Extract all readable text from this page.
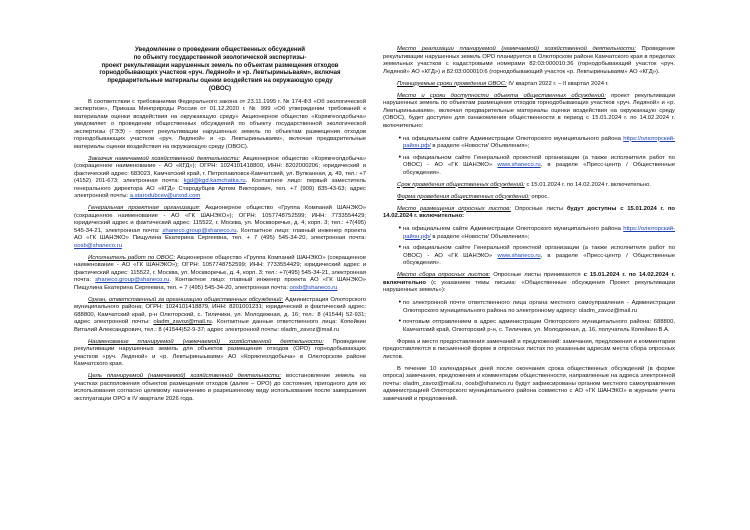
Уведомление о проведении общественных обсуждений
по объекту государственной экологической экспертизы-
проект рекультивации нарушенных земель по объектам размещения отходов
горнодобывающих участков «руч. Ледяной» и «р. Левтыриныьваям», включая
предварительные материалы оценки воздействия на окружающую среду
(ОВОС)

В соответствии с требованиями Федерального закона от 23.11.1995 г. № 174-ФЗ «Об экологической экспертизе», Приказа Минприроды России от 01.12.2020 г. № 999 «Об утверждении требований к материалам оценки воздействия на окружающую среду» Акционерное общество «Корякгеолдобыча» уведомляет о проведении общественных обсуждений по объекту государственной экологической экспертизы (ГЭЭ) - проект рекультивации нарушенных земель по объектам размещения отходов горнодобывающих участков «руч. Ледяной» и «р. Левтыриныьваям», включая предварительные материалы оценки воздействия на окружающую среду (ОВОС).

Заказчик намечаемой хозяйственной деятельности: Акционерное общество «Корякгеолдобыча» (сокращенное наименование - АО «КГД»); ОГРН: 1024101418800, ИНН: 8202000206; юридический и фактический адрес: 683023, Камчатский край, г. Петропавловск-Камчатский, ул. Вулканная, д. 49, тел.: +7 (4152) 201-673; электронная почта: kgd@kgd.kamchatka.ru. Контактное лицо: первый заместитель генерального директора АО «КГД» Стародубцев Артем Викторович, тел. +7 (909) 835-43-63; адрес электронной почты: a.starodubcev@ursod.com

Генеральная проектная организация: Акционерное общество «Группа Компаний ШАНЭКО» (сокращенное наименование - АО «ГК ШАНЭКО»); ОГРН: 1057748752599; ИНН: 7733554429; юридический адрес и фактический адрес: 115522, г. Москва, ул. Москворечье, д. 4, корп. 3; тел.: +7(495) 545-34-21, электронная почта: shaneco.group@shaneco.ru. Контактное лицо: главный инженер проекта АО «ГК ШАНЭКО» Пищулина Екатерина Сергеевна, тел. + 7 (495) 545-34-20, электронная почта: oosb@shaneco.ru

Исполнитель работ по ОВОС: Акционерное общество «Группа Компаний ШАНЭКО» (сокращенное наименование - АО «ГК ШАНЭКО»); ОГРН: 1057748752599; ИНН: 7733554429; юридический адрес и фактический адрес: 115522, г. Москва, ул. Москворечье, д. 4, корп. 3; тел.: +7(495) 545-34-21, электронная почта: shaneco.group@shaneco.ru. Контактное лицо: главный инженер проекта АО «ГК ШАНЭКО» Пищулина Екатерина Сергеевна, тел. + 7 (495) 545-34-20, электронная почта: oosb@shaneco.ru

Орган, ответственный за организацию общественных обсуждений: Администрация Олюторского муниципального района; ОГРН: 1024101418879, ИНН: 8201001231; юридический и фактический адрес: 688800, Камчатский край, р-н Олюторский, с. Тиличики, ул. Молодежная, д. 16; тел.: 8 (41544) 52-931; адрес электронной почты: oladm_zavoz@mail.ru. Контактные данные ответственного лица: Копейкин Виталий Александрович, тел.: 8 (41544)52-9-37; адрес электронной почты: oladm_zavoz@mail.ru

Наименование планируемой (намечаемой) хозяйственной деятельности: Проведение рекультивации нарушенных земель для объектов размещения отходов (ОРО) горнодобывающих участков «руч. Ледяной» и «р. Левтыриныьваям» АО «Корякгеолдобыча» в Олюторском районе Камчатского края.

Цель планируемой (намечаемой) хозяйственной деятельности: восстановление земель на участках расположения объектов размещения отходов (далее – ОРО) до состояния, пригодного для их использования согласно целевому назначению и разрешенному виду использования после завершения эксплуатации ОРО в IV квартале 2026 года.

Место реализации планируемой (намечаемой) хозяйственной деятельности: Проведение рекультивации нарушенных земель ОРО планируется в Олюторском районе Камчатского края в пределах земельных участков с кадастровыми номерами 82:03:000010:36 (горнодобывающий участок «руч. Ледяной» АО «КГД») и 82:03:000010:6 (горнодобывающий участок «р. Левтыриныьваям» АО «КГД»).

Планируемые сроки проведения ОВОС: IV квартал 2022 г. – II квартал 2024 г.

Место и сроки доступности объекта общественных обсуждений: проект рекультивации нарушенных земель по объектам размещения отходов горнодобывающих участков «руч. Ледяной» и «р. Левтыриныьваям», включая предварительные материалы оценки воздействия на окружающую среду (ОВОС), будет доступен для ознакомления общественности в период с 15.01.2024 г. по 14.02.2024 г. включительно:

• на официальном сайте Администрации Олюторского муниципального района https://олюторский-район.рф/ в разделе «Новости/ Объявления»;
• на официальном сайте Генеральной проектной организации (а также исполнителя работ по ОВОС) - АО «ГК ШАНЭКО» www.shaneco.ru, в разделе «Пресс-центр / Общественные обсуждения».

Срок проведения общественных обсуждений: с 15.01.2024 г. по 14.02.2024 г. включительно.

Форма проведения общественных обсуждений: опрос.

Место размещения опросных листов: Опросные листы будут доступны с 15.01.2024 г. по 14.02.2024 г. включительно:

• на официальном сайте Администрации Олюторского муниципального района https://олюторский-район.рф/ в разделе «Новости/ Объявления»;
• на официальном сайте Генеральной проектной организации (а также исполнителя работ по ОВОС) - АО «ГК ШАНЭКО» www.shaneco.ru, в разделе «Пресс-центр / Общественные обсуждения».

Место сбора опросных листов: Опросные листы принимаются с 15.01.2024 г. по 14.02.2024 г. включительно (с указанием темы письма: «Общественные обсуждения Проект рекультивации нарушенных земель»):

• по электронной почте ответственного лица органа местного самоуправления - Администрации Олюторского муниципального района по электронному адресу: oladm_zavoz@mail.ru
• почтовым отправлением в адрес администрации Олюторского муниципального района: 688800, Камчатский край, Олюторский р-н, с. Тиличики, ул. Молодежная, д. 16, получатель Копейкин В.А.

Форма и место предоставления замечаний и предложений: замечания, предложения и комментарии предоставляются в письменной форме в опросных листах по указанным адресам места сбора опросных листов.

В течение 10 календарных дней после окончания срока общественных обсуждений (в форме опроса) замечания, предложения и комментарии общественности, направленные на адреса электронной почты: oladm_zavoz@mail.ru, oosb@shaneco.ru будут зафиксированы органом местного самоуправления администрацией Олюторского муниципального района совместно с АО «ГК ШАНЭКО» в журнале учета замечаний и предложений.
